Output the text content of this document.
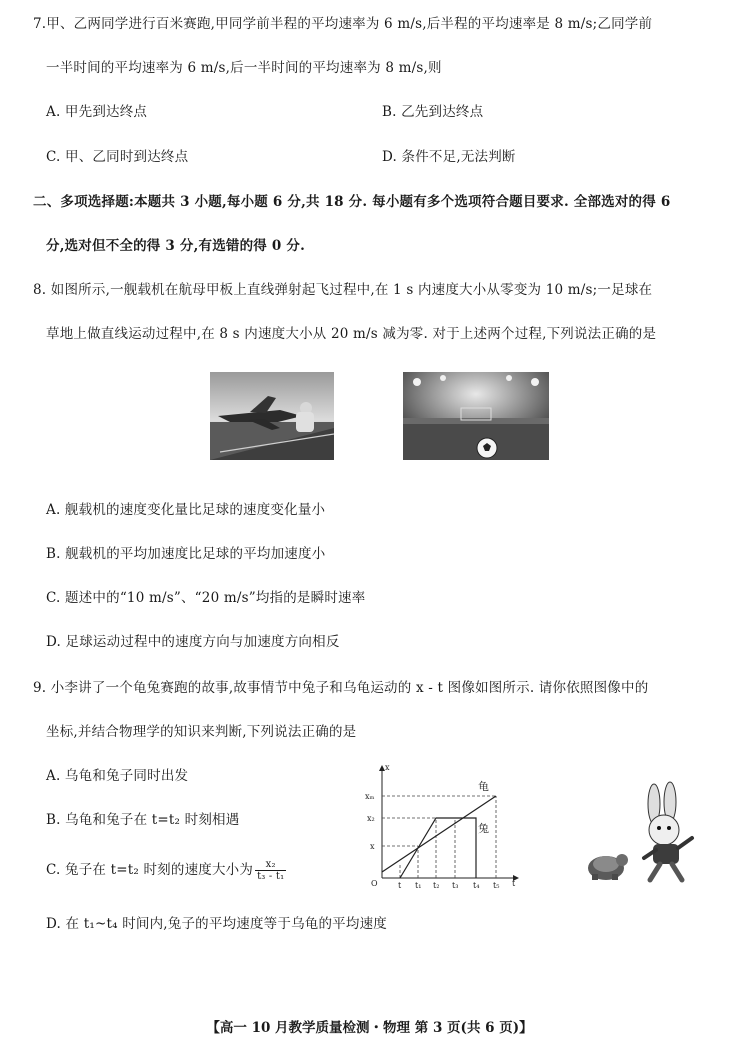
7.甲、乙两同学进行百米赛跑,甲同学前半程的平均速率为 6 m/s,后半程的平均速率是 8 m/s;乙同学前
一半时间的平均速率为 6 m/s,后一半时间的平均速率为 8 m/s,则
A. 甲先到达终点	B. 乙先到达终点
C. 甲、乙同时到达终点	D. 条件不足,无法判断
二、多项选择题:本题共 3 小题,每小题 6 分,共 18 分. 每小题有多个选项符合题目要求. 全部选对的得 6
分,选对但不全的得 3 分,有选错的得 0 分.
8. 如图所示,一舰载机在航母甲板上直线弹射起飞过程中,在 1 s 内速度大小从零变为 10 m/s;一足球在
草地上做直线运动过程中,在 8 s 内速度大小从 20 m/s 减为零. 对于上述两个过程,下列说法正确的是
A. 舰载机的速度变化量比足球的速度变化量小
B. 舰载机的平均加速度比足球的平均加速度小
C. 题述中的“10 m/s”、“20 m/s”均指的是瞬时速率
D. 足球运动过程中的速度方向与加速度方向相反
9. 小李讲了一个龟兔赛跑的故事,故事情节中兔子和乌龟运动的 x - t 图像如图所示. 请你依照图像中的
坐标,并结合物理学的知识来判断,下列说法正确的是
A. 乌龟和兔子同时出发
B. 乌龟和兔子在 t=t₂ 时刻相遇
C. 兔子在 t=t₂ 时刻的速度大小为 $\frac{\text{x₂}}{\text{t₃ - t₁}}$
D. 在 t₁~t₄ 时间内,兔子的平均速度等于乌龟的平均速度
x
t
O
xₘ
x₂
x
t t₁ t₂ t₃ t₄ t₅
龟
兔
【高一 10 月教学质量检测・物理 第 3 页(共 6 页)】
